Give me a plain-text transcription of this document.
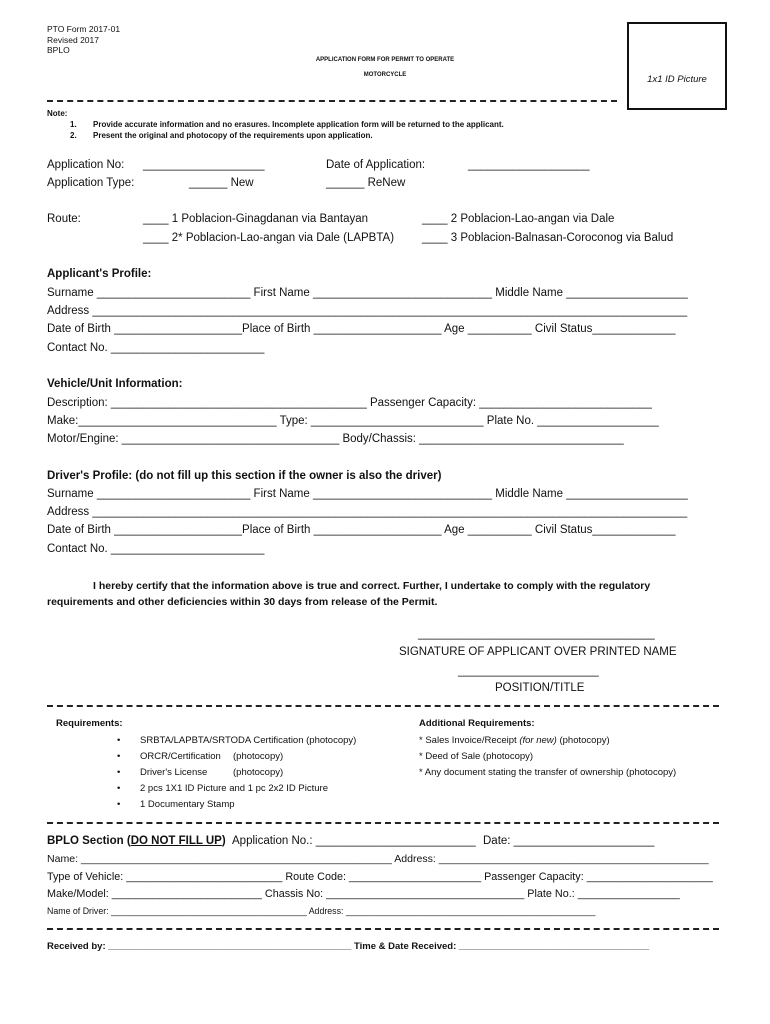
PTO Form 2017-01
Revised 2017
BPLO
APPLICATION FORM FOR PERMIT TO OPERATE
MOTORCYCLE	1x1 ID Picture
Note:
1. Provide accurate information and no erasures. Incomplete application form will be returned to the applicant.
2. Present the original and photocopy of the requirements upon application.
Application No: ___________________	Date of Application:	___________________
Application Type:	______ New	______ ReNew
Route:	____ 1 Poblacion-Ginagdanan via Bantayan	____ 2 Poblacion-Lao-angan via Dale
____ 2* Poblacion-Lao-angan via Dale (LAPBTA) ____ 3 Poblacion-Balnasan-Coroconog via Balud
Applicant's Profile:
Surname ________________________ First Name ____________________________ Middle Name ___________________
Address _____________________________________________________________________________________________
Date of Birth ____________________Place of Birth ____________________ Age __________ Civil Status_____________
Contact No. ________________________
Vehicle/Unit Information:
Description: ________________________________________ Passenger Capacity: ___________________________
Make:_______________________________ Type: ___________________________ Plate No. ___________________
Motor/Engine: __________________________________ Body/Chassis: ________________________________
Driver's Profile: (do not fill up this section if the owner is also the driver)
Surname ________________________ First Name ____________________________ Middle Name ___________________
Address _____________________________________________________________________________________________
Date of Birth ____________________Place of Birth ____________________ Age __________ Civil Status_____________
Contact No. ________________________
I hereby certify that the information above is true and correct. Further, I undertake to comply with the regulatory
requirements and other deficiencies within 30 days from release of the Permit.
_____________________________________
SIGNATURE OF APPLICANT OVER PRINTED NAME
______________________
POSITION/TITLE
Requirements:
• SRBTA/LAPBTA/SRTODA Certification (photocopy)
• ORCR/Certification (photocopy)
• Driver's License	(photocopy)
• 2 pcs 1X1 ID Picture and 1 pc 2x2 ID Picture
• 1 Documentary Stamp
Additional Requirements:
* Sales Invoice/Receipt (for new) (photocopy)
* Deed of Sale (photocopy)
* Any document stating the transfer of ownership (photocopy)
BPLO Section (DO NOT FILL UP) Application No.: _________________________ Date: ______________________
Name: _____________________________________________________ Address: ______________________________________________
Type of Vehicle: __________________________ Route Code: ______________________ Passenger Capacity: _____________________
Make/Model: _________________________ Chassis No: _________________________________ Plate No.: _________________
Name of Driver: ________________________________________ Address: ___________________________________________________
Received by: ______________________________________________ Time & Date Received: ____________________________________
